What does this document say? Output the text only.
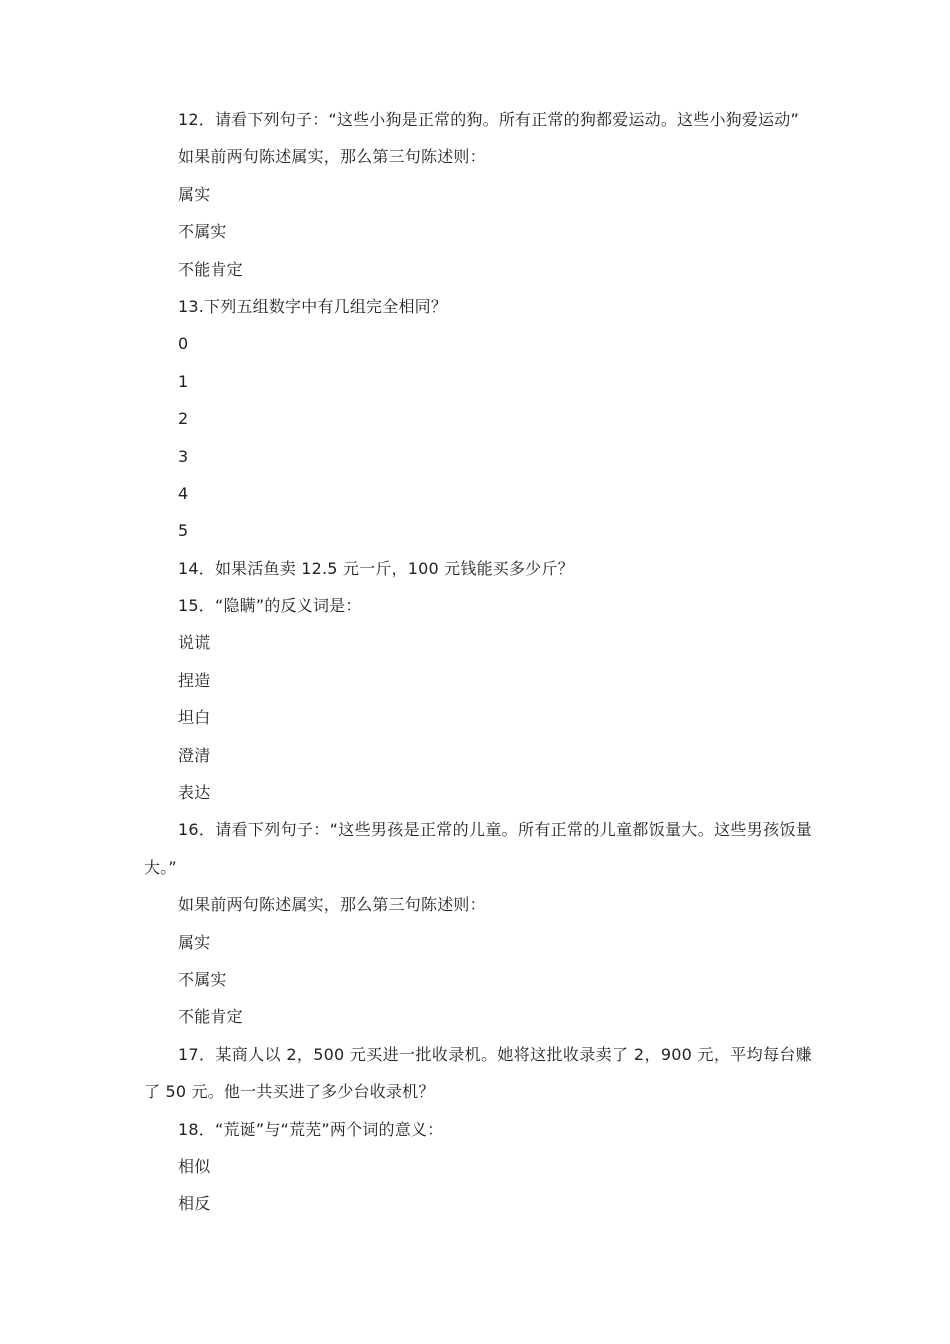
12．请看下列句子：“这些小狗是正常的狗。所有正常的狗都爱运动。这些小狗爱运动”
如果前两句陈述属实，那么第三句陈述则：
属实
不属实
不能肯定
13.下列五组数字中有几组完全相同？
0
1
2
3
4
5
14．如果活鱼卖 12.5 元一斤，100 元钱能买多少斤？
15．“隐瞒”的反义词是：
说谎
捏造
坦白
澄清
表达
16．请看下列句子：“这些男孩是正常的儿童。所有正常的儿童都饭量大。这些男孩饭量大。”
如果前两句陈述属实，那么第三句陈述则：
属实
不属实
不能肯定
17．某商人以 2，500 元买进一批收录机。她将这批收录卖了 2，900 元，平均每台赚了 50 元。他一共买进了多少台收录机？
18．“荒诞”与“荒芜”两个词的意义：
相似
相反
